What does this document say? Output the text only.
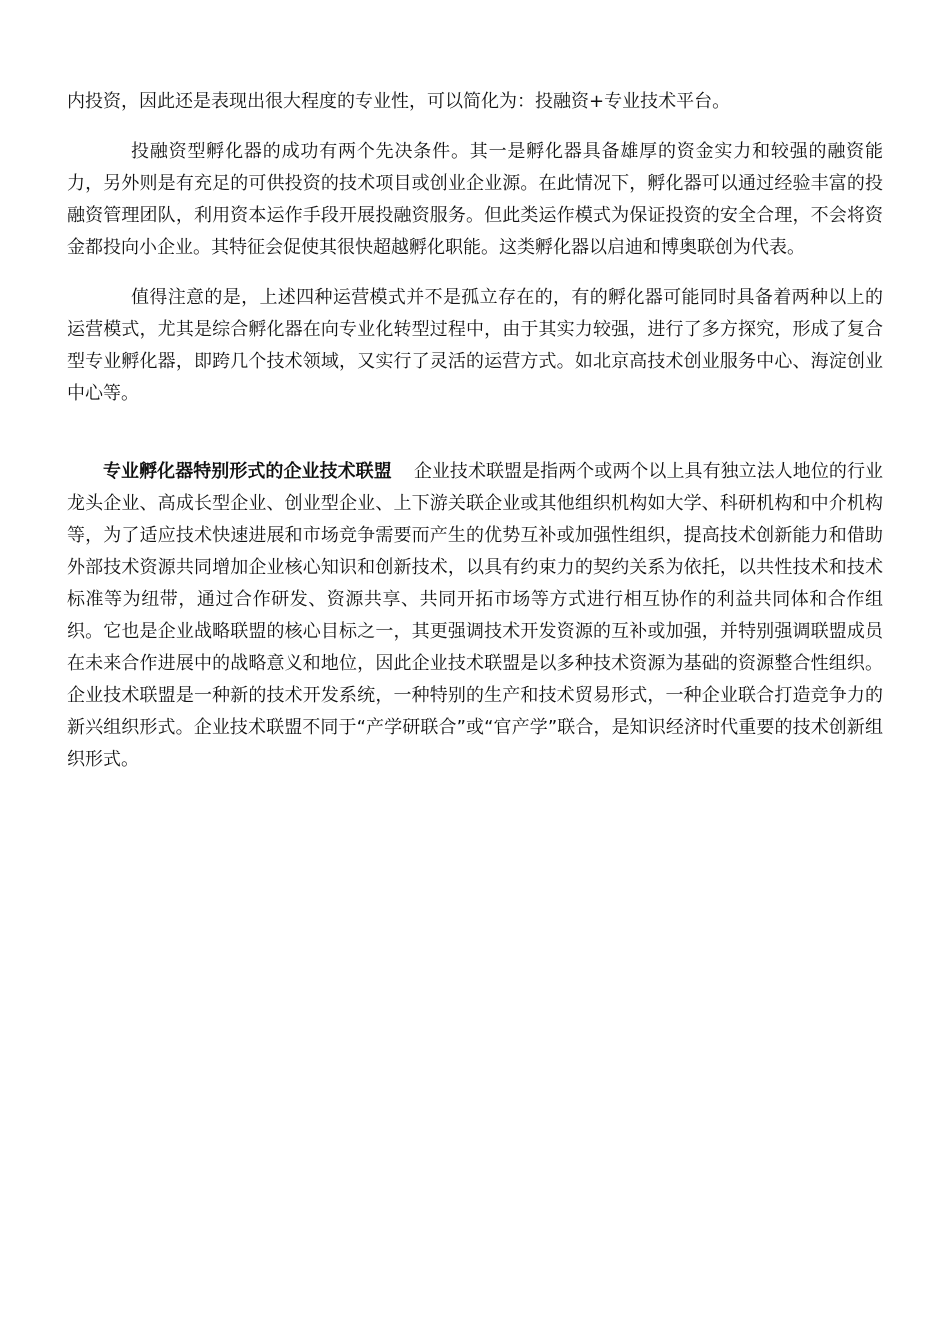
内投资，因此还是表现出很大程度的专业性，可以简化为：投融资+专业技术平台。

投融资型孵化器的成功有两个先决条件。其一是孵化器具备雄厚的资金实力和较强的融资能力，另外则是有充足的可供投资的技术项目或创业企业源。在此情况下，孵化器可以通过经验丰富的投融资管理团队，利用资本运作手段开展投融资服务。但此类运作模式为保证投资的安全合理，不会将资金都投向小企业。其特征会促使其很快超越孵化职能。这类孵化器以启迪和博奥联创为代表。

值得注意的是，上述四种运营模式并不是孤立存在的，有的孵化器可能同时具备着两种以上的运营模式，尤其是综合孵化器在向专业化转型过程中，由于其实力较强，进行了多方探究，形成了复合型专业孵化器，即跨几个技术领域，又实行了灵活的运营方式。如北京高技术创业服务中心、海淀创业中心等。

专业孵化器特别形式的企业技术联盟 企业技术联盟是指两个或两个以上具有独立法人地位的行业龙头企业、高成长型企业、创业型企业、上下游关联企业或其他组织机构如大学、科研机构和中介机构等，为了适应技术快速进展和市场竞争需要而产生的优势互补或加强性组织，提高技术创新能力和借助外部技术资源共同增加企业核心知识和创新技术，以具有约束力的契约关系为依托，以共性技术和技术标准等为纽带，通过合作研发、资源共享、共同开拓市场等方式进行相互协作的利益共同体和合作组织。它也是企业战略联盟的核心目标之一，其更强调技术开发资源的互补或加强，并特别强调联盟成员在未来合作进展中的战略意义和地位，因此企业技术联盟是以多种技术资源为基础的资源整合性组织。企业技术联盟是一种新的技术开发系统，一种特别的生产和技术贸易形式，一种企业联合打造竞争力的新兴组织形式。企业技术联盟不同于“产学研联合”或“官产学”联合，是知识经济时代重要的技术创新组织形式。
